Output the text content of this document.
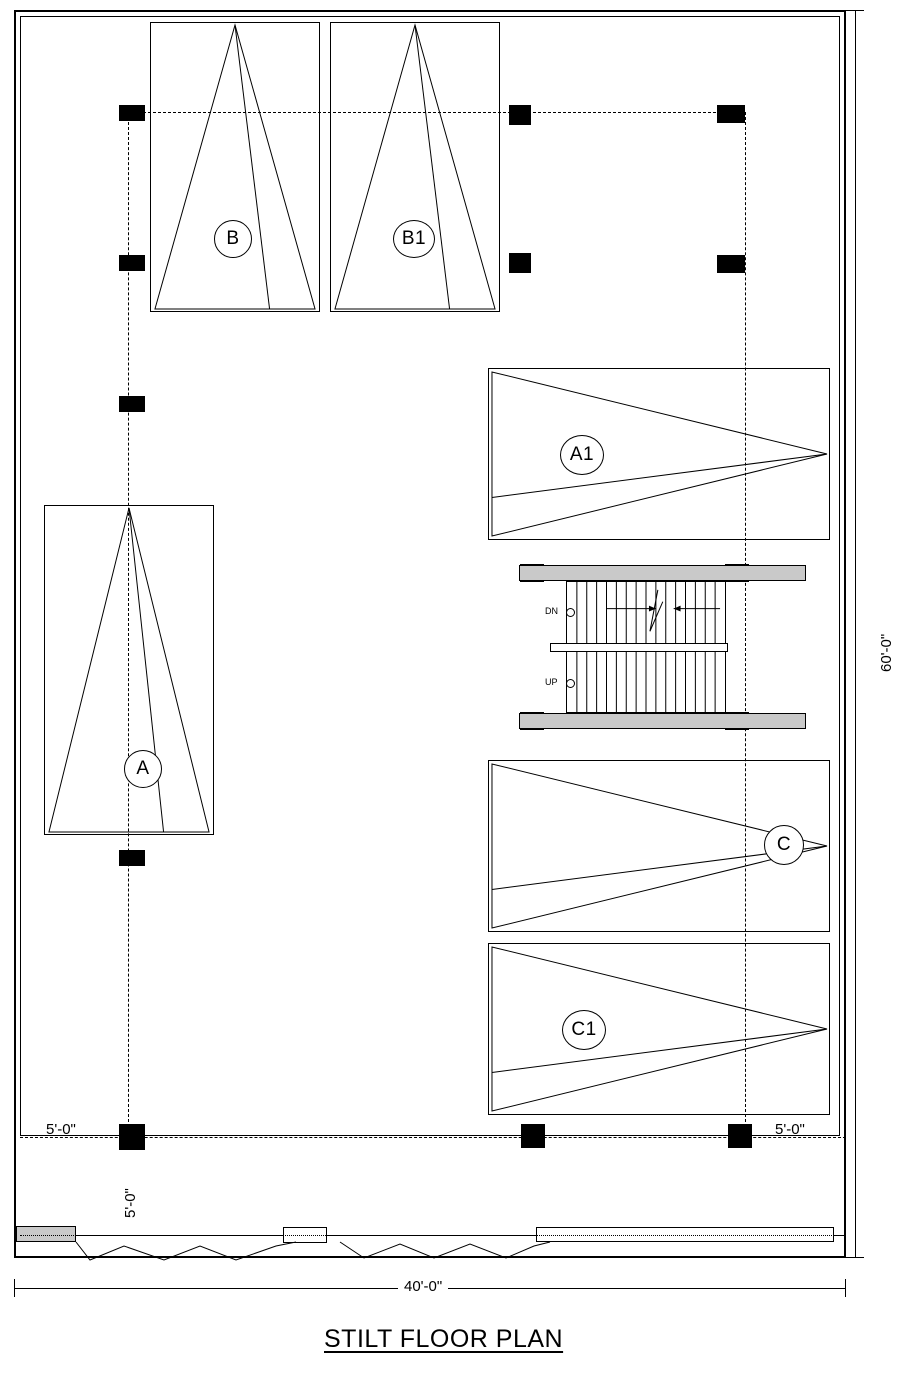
60'-0"
40'-0"
5'-0"	5'-0"
5'-0"
B	B1
A
A1
C
C1
DN
UP
STILT FLOOR PLAN
